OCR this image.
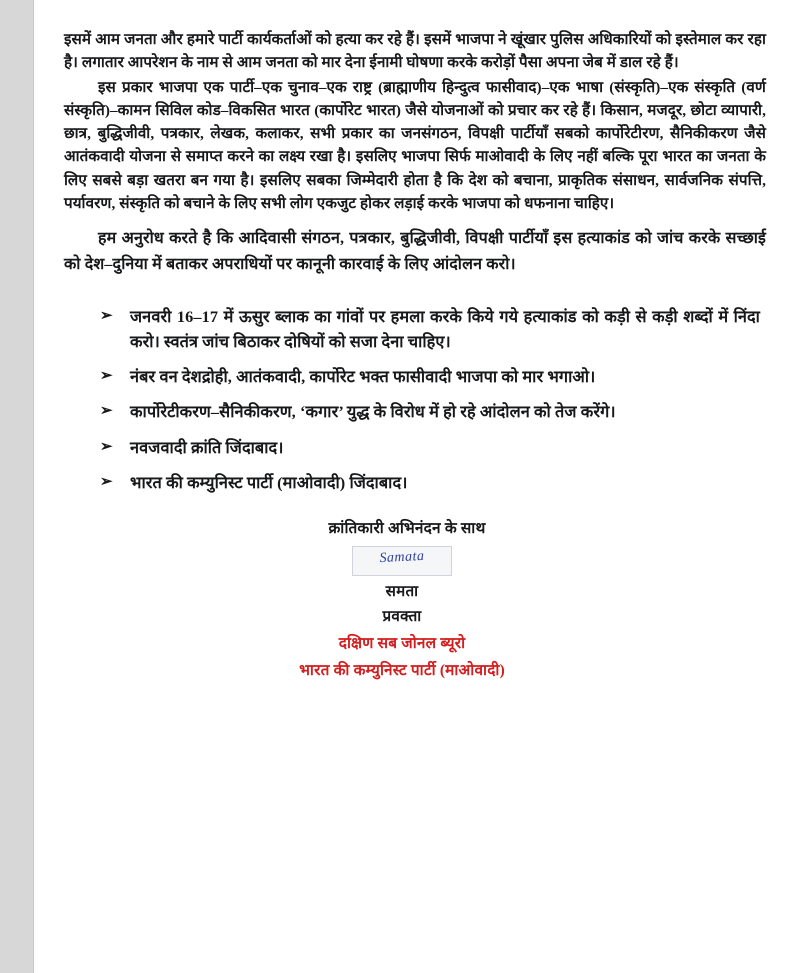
इसमें आम जनता और हमारे पार्टी कार्यकर्ताओं को हत्या कर रहे हैं। इसमें भाजपा ने खूंखार पुलिस अधिकारियों को इस्तेमाल कर रहा है। लगातार आपरेशन के नाम से आम जनता को मार देना ईनामी घोषणा करके करोड़ों पैसा अपना जेब में डाल रहे हैं।

इस प्रकार भाजपा एक पार्टी–एक चुनाव–एक राष्ट्र (ब्राह्माणीय हिन्दुत्व फासीवाद)–एक भाषा (संस्कृति)–एक संस्कृति (वर्ण संस्कृति)–कामन सिविल कोड–विकसित भारत (कार्पोरेट भारत) जैसे योजनाओं को प्रचार कर रहे हैं। किसान, मजदूर, छोटा व्यापारी, छात्र, बुद्धिजीवी, पत्रकार, लेखक, कलाकर, सभी प्रकार का जनसंगठन, विपक्षी पार्टीयाँ सबको कार्पोरेटीरण, सैनिकीकरण जैसे आतंकवादी योजना से समाप्त करने का लक्ष्य रखा है। इसलिए भाजपा सिर्फ माओवादी के लिए नहीं बल्कि पूरा भारत का जनता के लिए सबसे बड़ा खतरा बन गया है। इसलिए सबका जिम्मेदारी होता है कि देश को बचाना, प्राकृतिक संसाधन, सार्वजनिक संपत्ति, पर्यावरण, संस्कृति को बचाने के लिए सभी लोग एकजुट होकर लड़ाई करके भाजपा को धफनाना चाहिए।

हम अनुरोध करते है कि आदिवासी संगठन, पत्रकार, बुद्धिजीवी, विपक्षी पार्टीयाँ इस हत्याकांड को जांच करके सच्छाई को देश–दुनिया में बताकर अपराधियों पर कानूनी कारवाई के लिए आंदोलन करो।

➢ जनवरी 16–17 में ऊसुर ब्लाक का गांवों पर हमला करके किये गये हत्याकांड को कड़ी से कड़ी शब्दों में निंदा करो। स्वतंत्र जांच बिठाकर दोषियों को सजा देना चाहिए।
➢ नंबर वन देशद्रोही, आतंकवादी, कार्पोरेट भक्त फासीवादी भाजपा को मार भगाओ।
➢ कार्पोरेटीकरण–सैनिकीकरण, ‘कगार’ युद्ध के विरोध में हो रहे आंदोलन को तेज करेंगे।
➢ नवजवादी क्रांति जिंदाबाद।
➢ भारत की कम्युनिस्ट पार्टी (माओवादी) जिंदाबाद।
क्रांतिकारी अभिनंदन के साथ
Samata
समता
प्रवक्ता
दक्षिण सब जोनल ब्यूरो
भारत की कम्युनिस्ट पार्टी (माओवादी)
